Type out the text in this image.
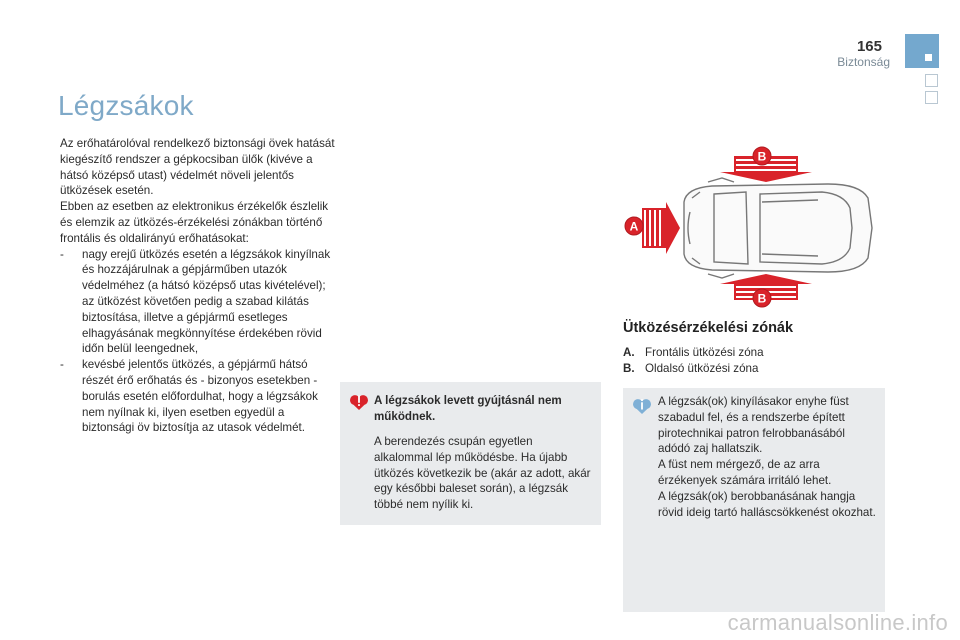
165
Biztonság
Légzsákok

Az erőhatárolóval rendelkező biztonsági övek hatását kiegészítő rendszer a gépkocsiban ülők (kivéve a hátsó középső utast) védelmét növeli jelentős ütközések esetén.

Ebben az esetben az elektronikus érzékelők észlelik és elemzik az ütközés-érzékelési zónákban történő frontális és oldalirányú erőhatásokat:

- nagy erejű ütközés esetén a légzsákok kinyílnak és hozzájárulnak a gépjárműben utazók védelméhez (a hátsó középső utas kivételével); az ütközést követően pedig a szabad kilátás biztosítása, illetve a gépjármű esetleges elhagyásának megkönnyítése érdekében rövid időn belül leengednek,
- kevésbé jelentős ütközés, a gépjármű hátsó részét érő erőhatás és - bizonyos esetekben - borulás esetén előfordulhat, hogy a légzsákok nem nyílnak ki, ilyen esetben egyedül a biztonsági öv biztosítja az utasok védelmét.
A légzsákok levett gyújtásnál nem működnek.
A berendezés csupán egyetlen alkalommal lép működésbe. Ha újabb ütközés következik be (akár az adott, akár egy későbbi baleset során), a légzsák többé nem nyílik ki.
A
B
B
Ütközésérzékelési zónák
A. Frontális ütközési zóna
B. Oldalsó ütközési zóna
A légzsák(ok) kinyílásakor enyhe füst szabadul fel, és a rendszerbe épített pirotechnikai patron felrobbanásából adódó zaj hallatszik.
A füst nem mérgező, de az arra érzékenyek számára irritáló lehet.
A légzsák(ok) berobbanásának hangja rövid ideig tartó halláscsökkenést okozhat.
carmanualsonline.info
